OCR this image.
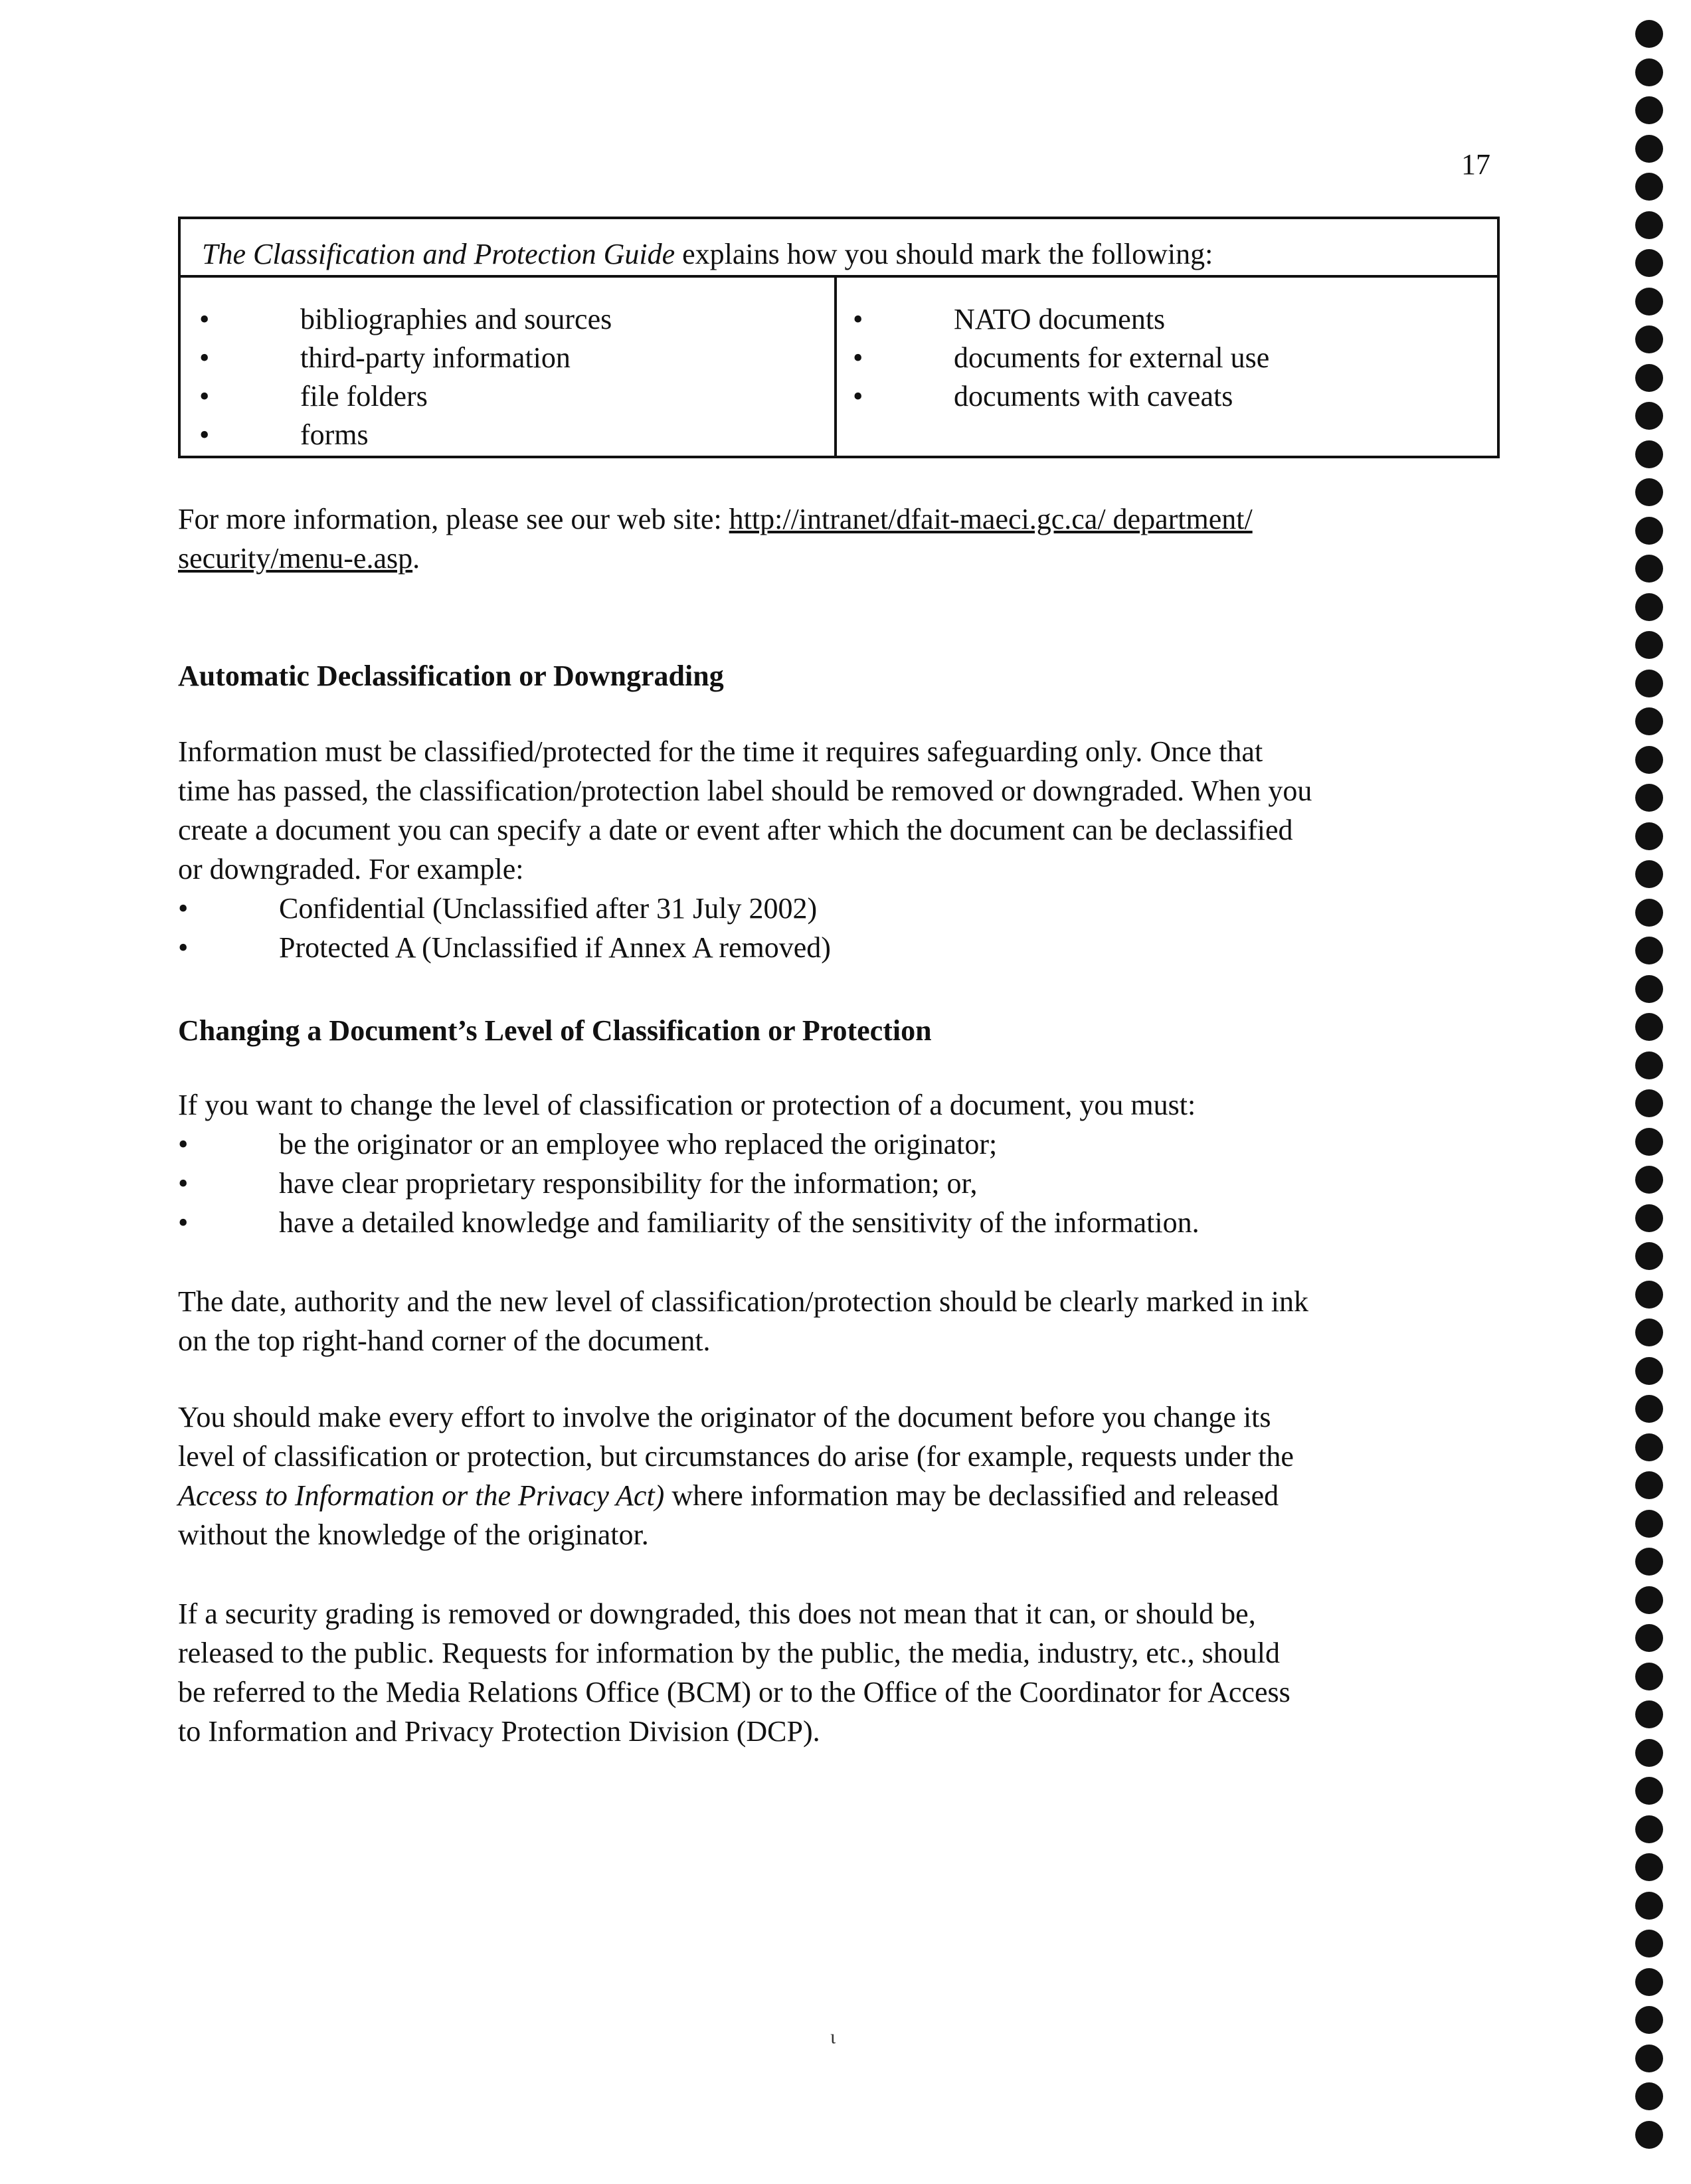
17
The Classification and Protection Guide explains how you should mark the following:
•	bibliographies and sources
•	third-party information
•	file folders
•	forms
•	NATO documents
•	documents for external use
•	documents with caveats
For more information, please see our web site: http://intranet/dfait-maeci.gc.ca/ department/
security/menu-e.asp.
Automatic Declassification or Downgrading
Information must be classified/protected for the time it requires safeguarding only. Once that
time has passed, the classification/protection label should be removed or downgraded. When you
create a document you can specify a date or event after which the document can be declassified
or downgraded. For example:
•	Confidential (Unclassified after 31 July 2002)
•	Protected A (Unclassified if Annex A removed)
Changing a Document’s Level of Classification or Protection
If you want to change the level of classification or protection of a document, you must:
•	be the originator or an employee who replaced the originator;
•	have clear proprietary responsibility for the information; or,
•	have a detailed knowledge and familiarity of the sensitivity of the information.
The date, authority and the new level of classification/protection should be clearly marked in ink
on the top right-hand corner of the document.
You should make every effort to involve the originator of the document before you change its
level of classification or protection, but circumstances do arise (for example, requests under the
Access to Information or the Privacy Act) where information may be declassified and released
without the knowledge of the originator.
If a security grading is removed or downgraded, this does not mean that it can, or should be,
released to the public. Requests for information by the public, the media, industry, etc., should
be referred to the Media Relations Office (BCM) or to the Office of the Coordinator for Access
to Information and Privacy Protection Division (DCP).
ι
